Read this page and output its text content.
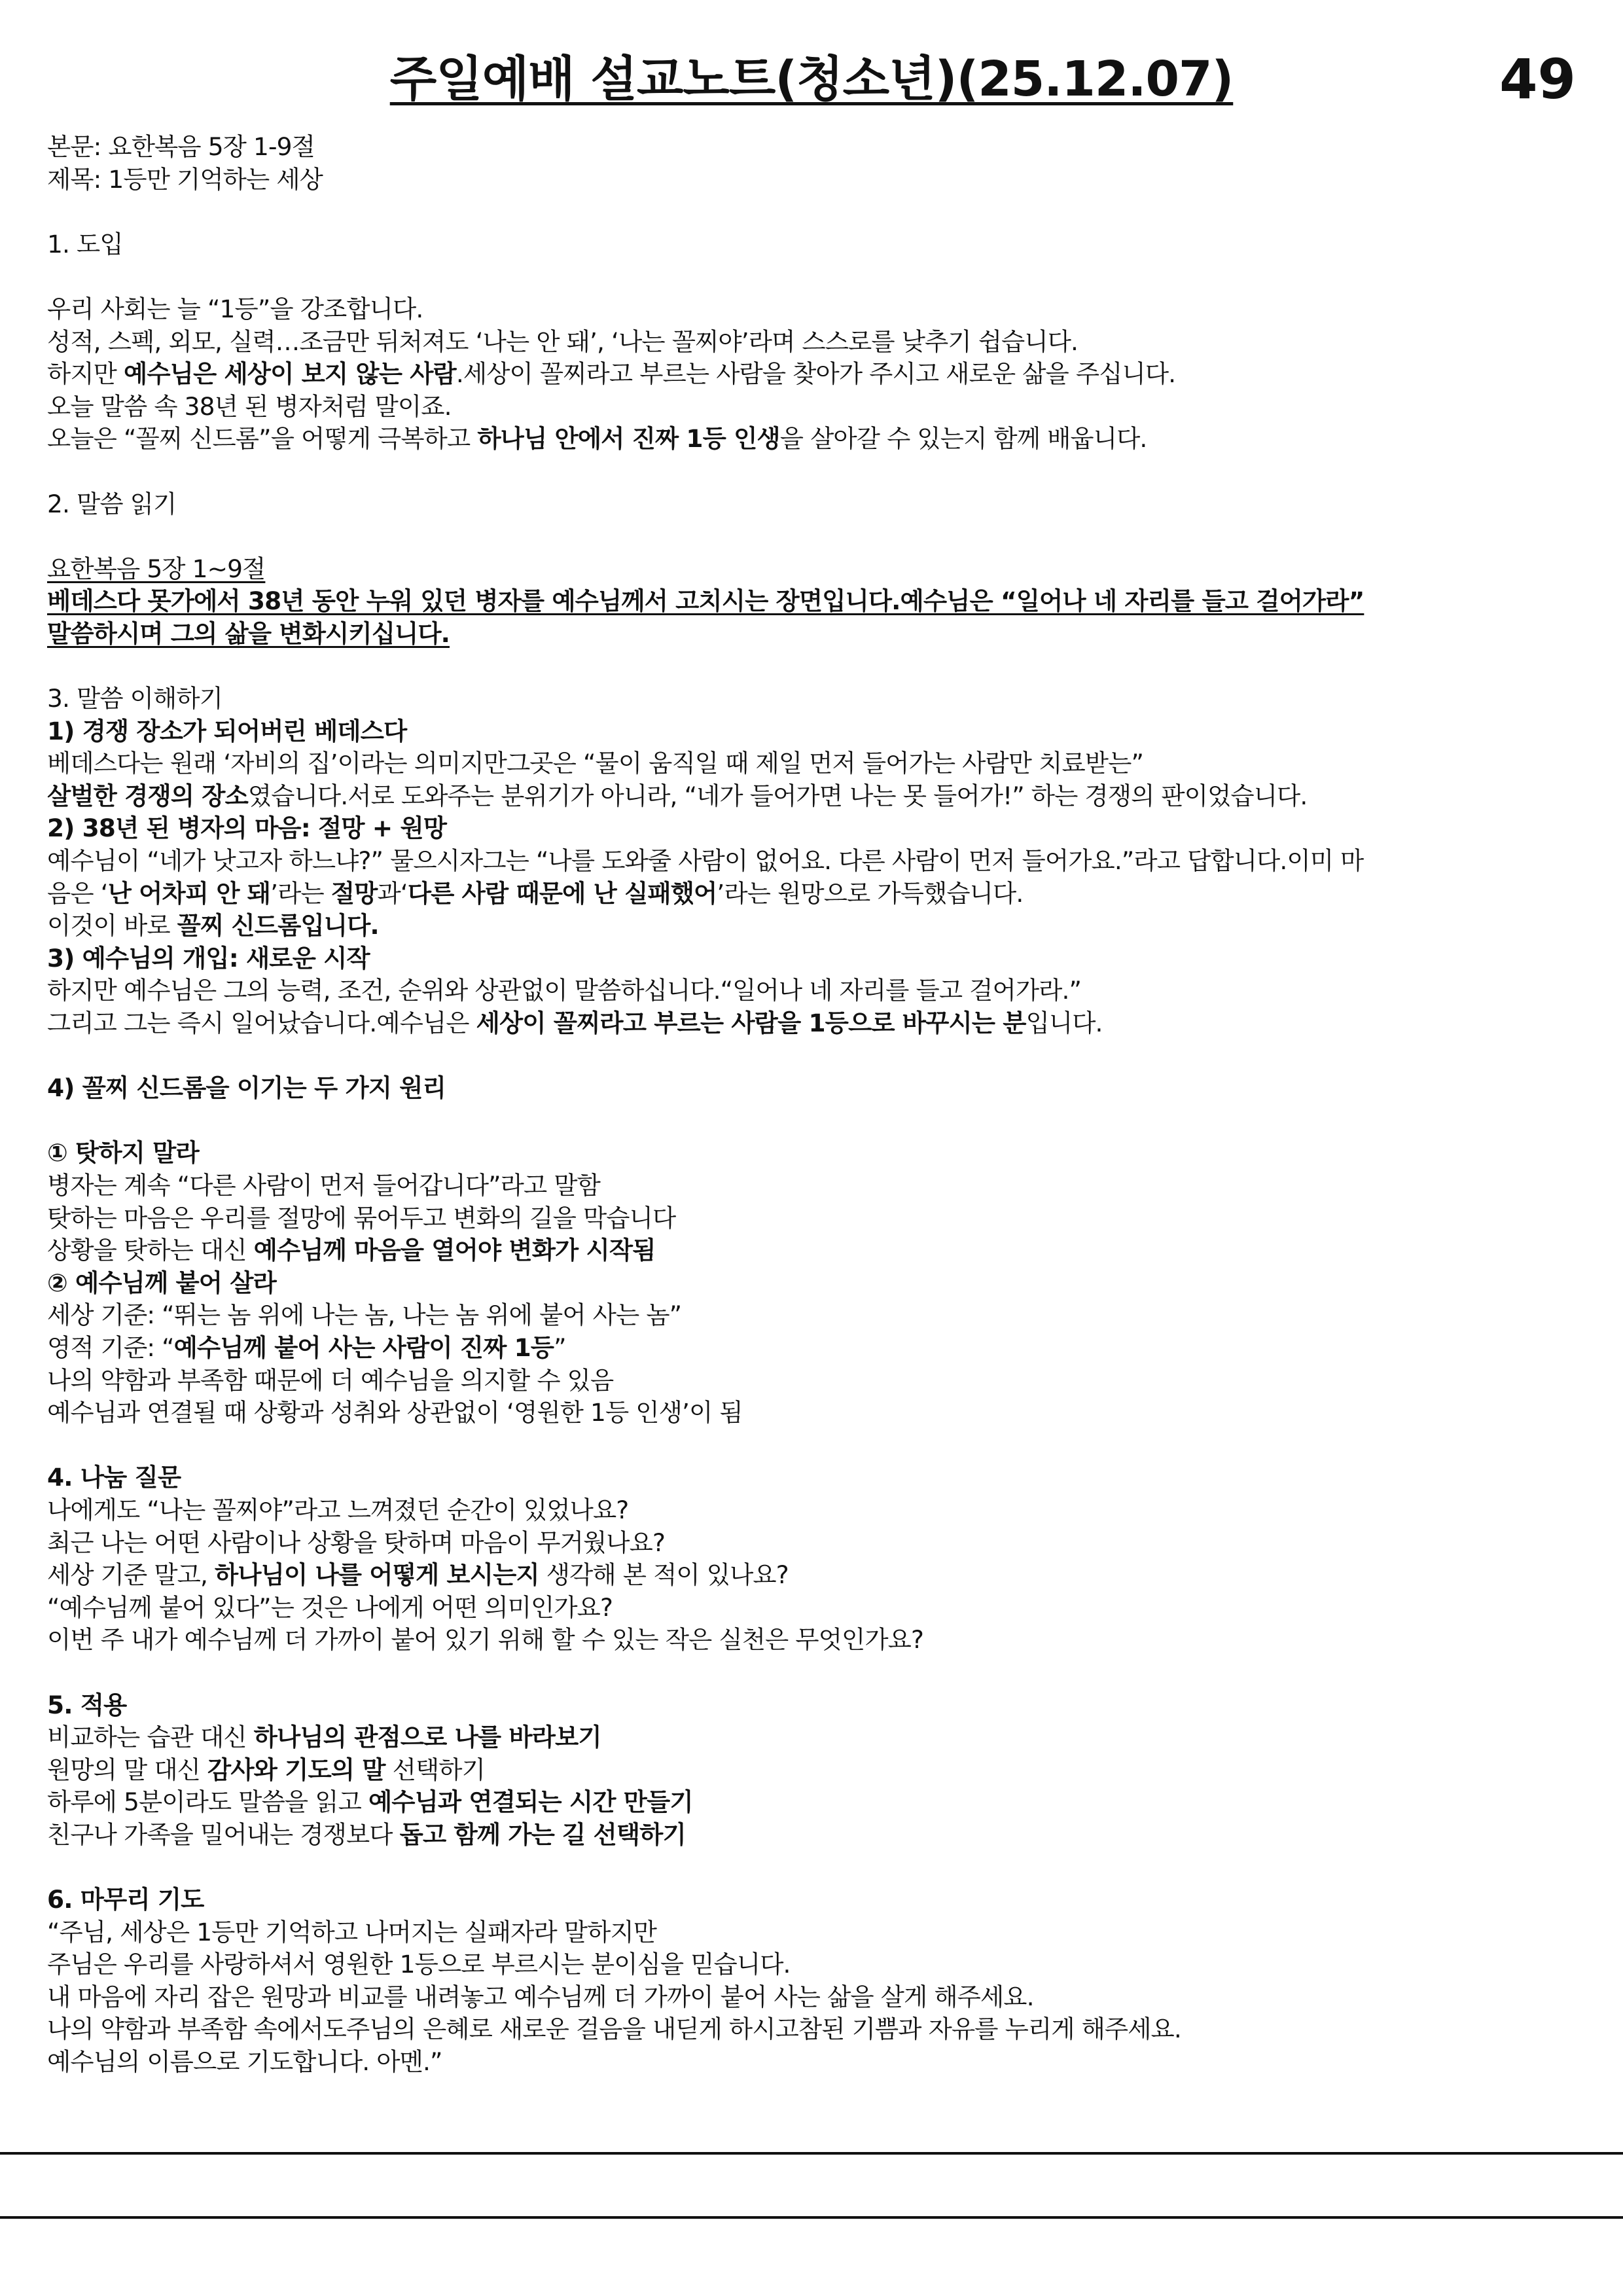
주일예배 설교노트(청소년)(25.12.07)	49
본문: 요한복음 5장 1-9절
제목: 1등만 기억하는 세상
1. 도입
우리 사회는 늘 “1등”을 강조합니다.
성적, 스펙, 외모, 실력…조금만 뒤처져도 ‘나는 안 돼’, ‘나는 꼴찌야’라며 스스로를 낮추기 쉽습니다.
하지만 예수님은 세상이 보지 않는 사람.세상이 꼴찌라고 부르는 사람을 찾아가 주시고 새로운 삶을 주십니다.
오늘 말씀 속 38년 된 병자처럼 말이죠.
오늘은 “꼴찌 신드롬”을 어떻게 극복하고 하나님 안에서 진짜 1등 인생을 살아갈 수 있는지 함께 배웁니다.
2. 말씀 읽기
요한복음 5장 1~9절
베데스다 못가에서 38년 동안 누워 있던 병자를 예수님께서 고치시는 장면입니다.예수님은 “일어나 네 자리를 들고 걸어가라”
말씀하시며 그의 삶을 변화시키십니다.
3. 말씀 이해하기
1) 경쟁 장소가 되어버린 베데스다
베데스다는 원래 ‘자비의 집’이라는 의미지만그곳은 “물이 움직일 때 제일 먼저 들어가는 사람만 치료받는”
살벌한 경쟁의 장소였습니다.서로 도와주는 분위기가 아니라, “네가 들어가면 나는 못 들어가!” 하는 경쟁의 판이었습니다.
2) 38년 된 병자의 마음: 절망 + 원망
예수님이 “네가 낫고자 하느냐?” 물으시자그는 “나를 도와줄 사람이 없어요. 다른 사람이 먼저 들어가요.”라고 답합니다.이미 마
음은 ‘난 어차피 안 돼’라는 절망과‘다른 사람 때문에 난 실패했어’라는 원망으로 가득했습니다.
이것이 바로 꼴찌 신드롬입니다.
3) 예수님의 개입: 새로운 시작
하지만 예수님은 그의 능력, 조건, 순위와 상관없이 말씀하십니다.“일어나 네 자리를 들고 걸어가라.”
그리고 그는 즉시 일어났습니다.예수님은 세상이 꼴찌라고 부르는 사람을 1등으로 바꾸시는 분입니다.
4) 꼴찌 신드롬을 이기는 두 가지 원리
① 탓하지 말라
병자는 계속 “다른 사람이 먼저 들어갑니다”라고 말함
탓하는 마음은 우리를 절망에 묶어두고 변화의 길을 막습니다
상황을 탓하는 대신 예수님께 마음을 열어야 변화가 시작됨
② 예수님께 붙어 살라
세상 기준: “뛰는 놈 위에 나는 놈, 나는 놈 위에 붙어 사는 놈”
영적 기준: “예수님께 붙어 사는 사람이 진짜 1등”
나의 약함과 부족함 때문에 더 예수님을 의지할 수 있음
예수님과 연결될 때 상황과 성취와 상관없이 ‘영원한 1등 인생’이 됨
4. 나눔 질문
나에게도 “나는 꼴찌야”라고 느껴졌던 순간이 있었나요?
최근 나는 어떤 사람이나 상황을 탓하며 마음이 무거웠나요?
세상 기준 말고, 하나님이 나를 어떻게 보시는지 생각해 본 적이 있나요?
“예수님께 붙어 있다”는 것은 나에게 어떤 의미인가요?
이번 주 내가 예수님께 더 가까이 붙어 있기 위해 할 수 있는 작은 실천은 무엇인가요?
5. 적용
비교하는 습관 대신 하나님의 관점으로 나를 바라보기
원망의 말 대신 감사와 기도의 말 선택하기
하루에 5분이라도 말씀을 읽고 예수님과 연결되는 시간 만들기
친구나 가족을 밀어내는 경쟁보다 돕고 함께 가는 길 선택하기
6. 마무리 기도
“주님, 세상은 1등만 기억하고 나머지는 실패자라 말하지만
주님은 우리를 사랑하셔서 영원한 1등으로 부르시는 분이심을 믿습니다.
내 마음에 자리 잡은 원망과 비교를 내려놓고 예수님께 더 가까이 붙어 사는 삶을 살게 해주세요.
나의 약함과 부족함 속에서도주님의 은혜로 새로운 걸음을 내딛게 하시고참된 기쁨과 자유를 누리게 해주세요.
예수님의 이름으로 기도합니다. 아멘.”
